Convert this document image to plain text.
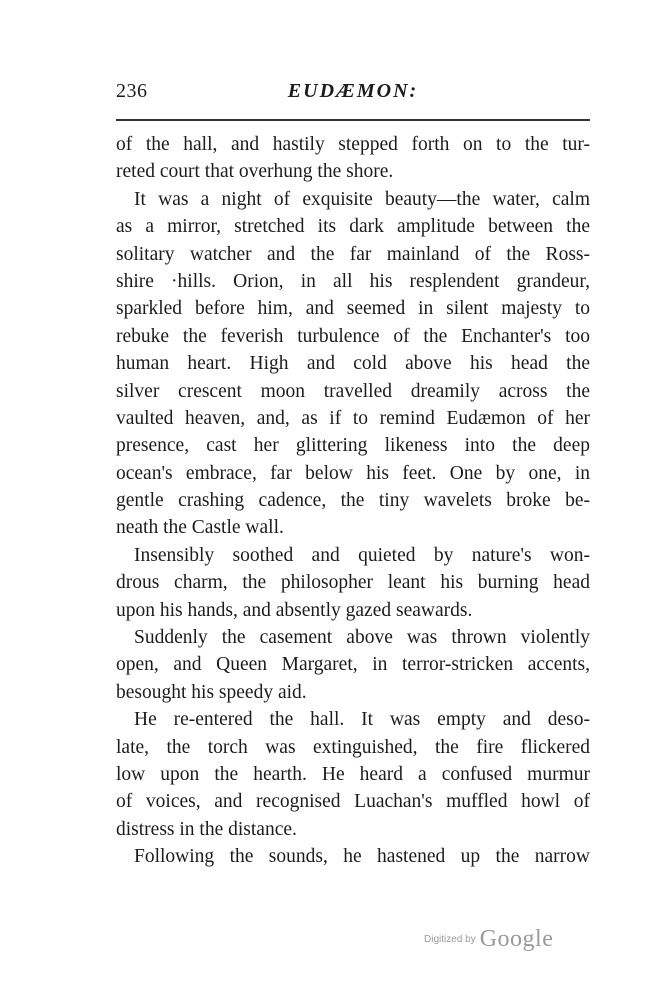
236	EUDÆMON:
of the hall, and hastily stepped forth on to the tur-
reted court that overhung the shore.
It was a night of exquisite beauty—the water, calm
as a mirror, stretched its dark amplitude between the
solitary watcher and the far mainland of the Ross-
shire ·hills. Orion, in all his resplendent grandeur,
sparkled before him, and seemed in silent majesty to
rebuke the feverish turbulence of the Enchanter's too
human heart. High and cold above his head the
silver crescent moon travelled dreamily across the
vaulted heaven, and, as if to remind Eudæmon of her
presence, cast her glittering likeness into the deep
ocean's embrace, far below his feet. One by one, in
gentle crashing cadence, the tiny wavelets broke be-
neath the Castle wall.
Insensibly soothed and quieted by nature's won-
drous charm, the philosopher leant his burning head
upon his hands, and absently gazed seawards.
Suddenly the casement above was thrown violently
open, and Queen Margaret, in terror-stricken accents,
besought his speedy aid.
He re-entered the hall. It was empty and deso-
late, the torch was extinguished, the fire flickered
low upon the hearth. He heard a confused murmur
of voices, and recognised Luachan's muffled howl of
distress in the distance.
Following the sounds, he hastened up the narrow
Digitized by Google
